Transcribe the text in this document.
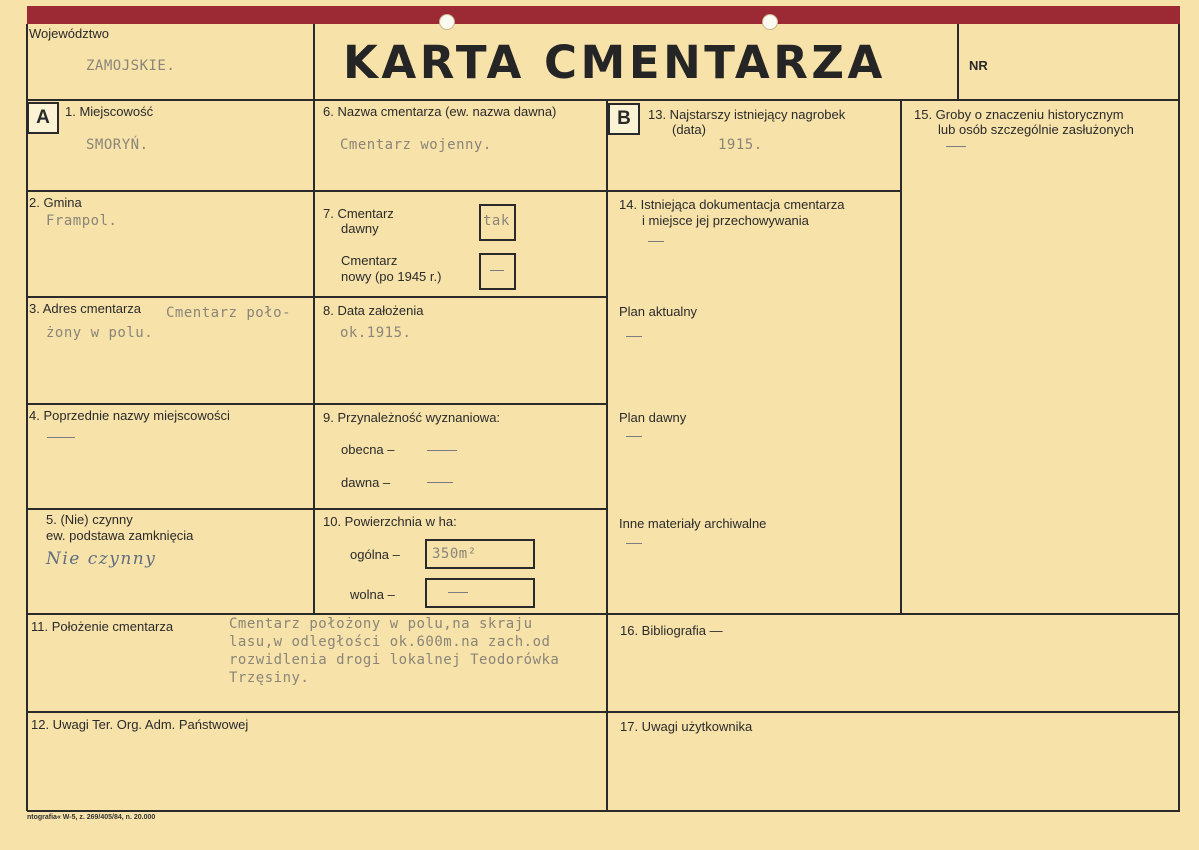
Województwo
ZAMOJSKIE.	KARTA CMENTARZA	NR
A	B
1. Miejscowość
SMORYŃ.
2. Gmina
Frampol.
3. Adres cmentarza Cmentarz poło-
żony w polu.
4. Poprzednie nazwy miejscowości
5. (Nie) czynny
ew. podstawa zamknięcia
Nie czynny
6. Nazwa cmentarza (ew. nazwa dawna)
Cmentarz wojenny.
7. Cmentarz
dawny	tak
Cmentarz
nowy (po 1945 r.)
8. Data założenia
ok.1915.
9. Przynależność wyznaniowa:
obecna –
dawna –
10. Powierzchnia w ha:
ogólna – 350m²
wolna –
11. Położenie cmentarza	Cmentarz położony w polu,na skraju
lasu,w odległości ok.600m.na zach.od
rozwidlenia drogi lokalnej Teodorówka
Trzęsiny.
12. Uwagi Ter. Org. Adm. Państwowej
13. Najstarszy istniejący nagrobek
(data)
1915.
14. Istniejąca dokumentacja cmentarza
i miejsce jej przechowywania
Plan aktualny
Plan dawny
Inne materiały archiwalne
15. Groby o znaczeniu historycznym
lub osób szczególnie zasłużonych
16. Bibliografia —
17. Uwagi użytkownika
ntografia« W-5, z. 269/405/84, n. 20.000
